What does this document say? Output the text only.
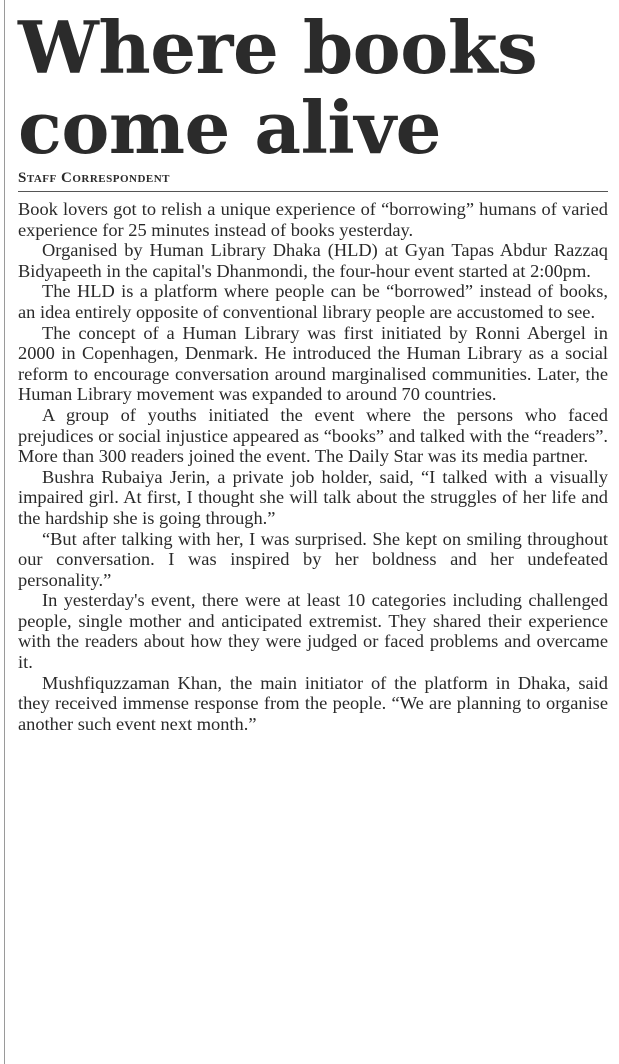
Where books
come alive
Staff Correspondent

Book lovers got to relish a unique experience of “borrowing” humans of varied experience for 25 minutes instead of books yesterday.

Organised by Human Library Dhaka (HLD) at Gyan Tapas Abdur Razzaq Bidyapeeth in the capital's Dhanmondi, the four-hour event started at 2:00pm.

The HLD is a platform where people can be “borrowed” instead of books, an idea entirely opposite of conventional library people are accustomed to see.

The concept of a Human Library was first initiated by Ronni Abergel in 2000 in Copenhagen, Denmark. He introduced the Human Library as a social reform to encourage conversation around marginalised communities. Later, the Human Library movement was expanded to around 70 countries.

A group of youths initiated the event where the persons who faced prejudices or social injustice appeared as “books” and talked with the “readers”. More than 300 readers joined the event. The Daily Star was its media partner.

Bushra Rubaiya Jerin, a private job holder, said, “I talked with a visually impaired girl. At first, I thought she will talk about the struggles of her life and the hardship she is going through.”

“But after talking with her, I was surprised. She kept on smiling throughout our conversation. I was inspired by her boldness and her undefeated personality.”

In yesterday's event, there were at least 10 categories including challenged people, single mother and anticipated extremist. They shared their experience with the readers about how they were judged or faced problems and overcame it.

Mushfiquzzaman Khan, the main initiator of the platform in Dhaka, said they received immense response from the people. “We are planning to organise another such event next month.”
